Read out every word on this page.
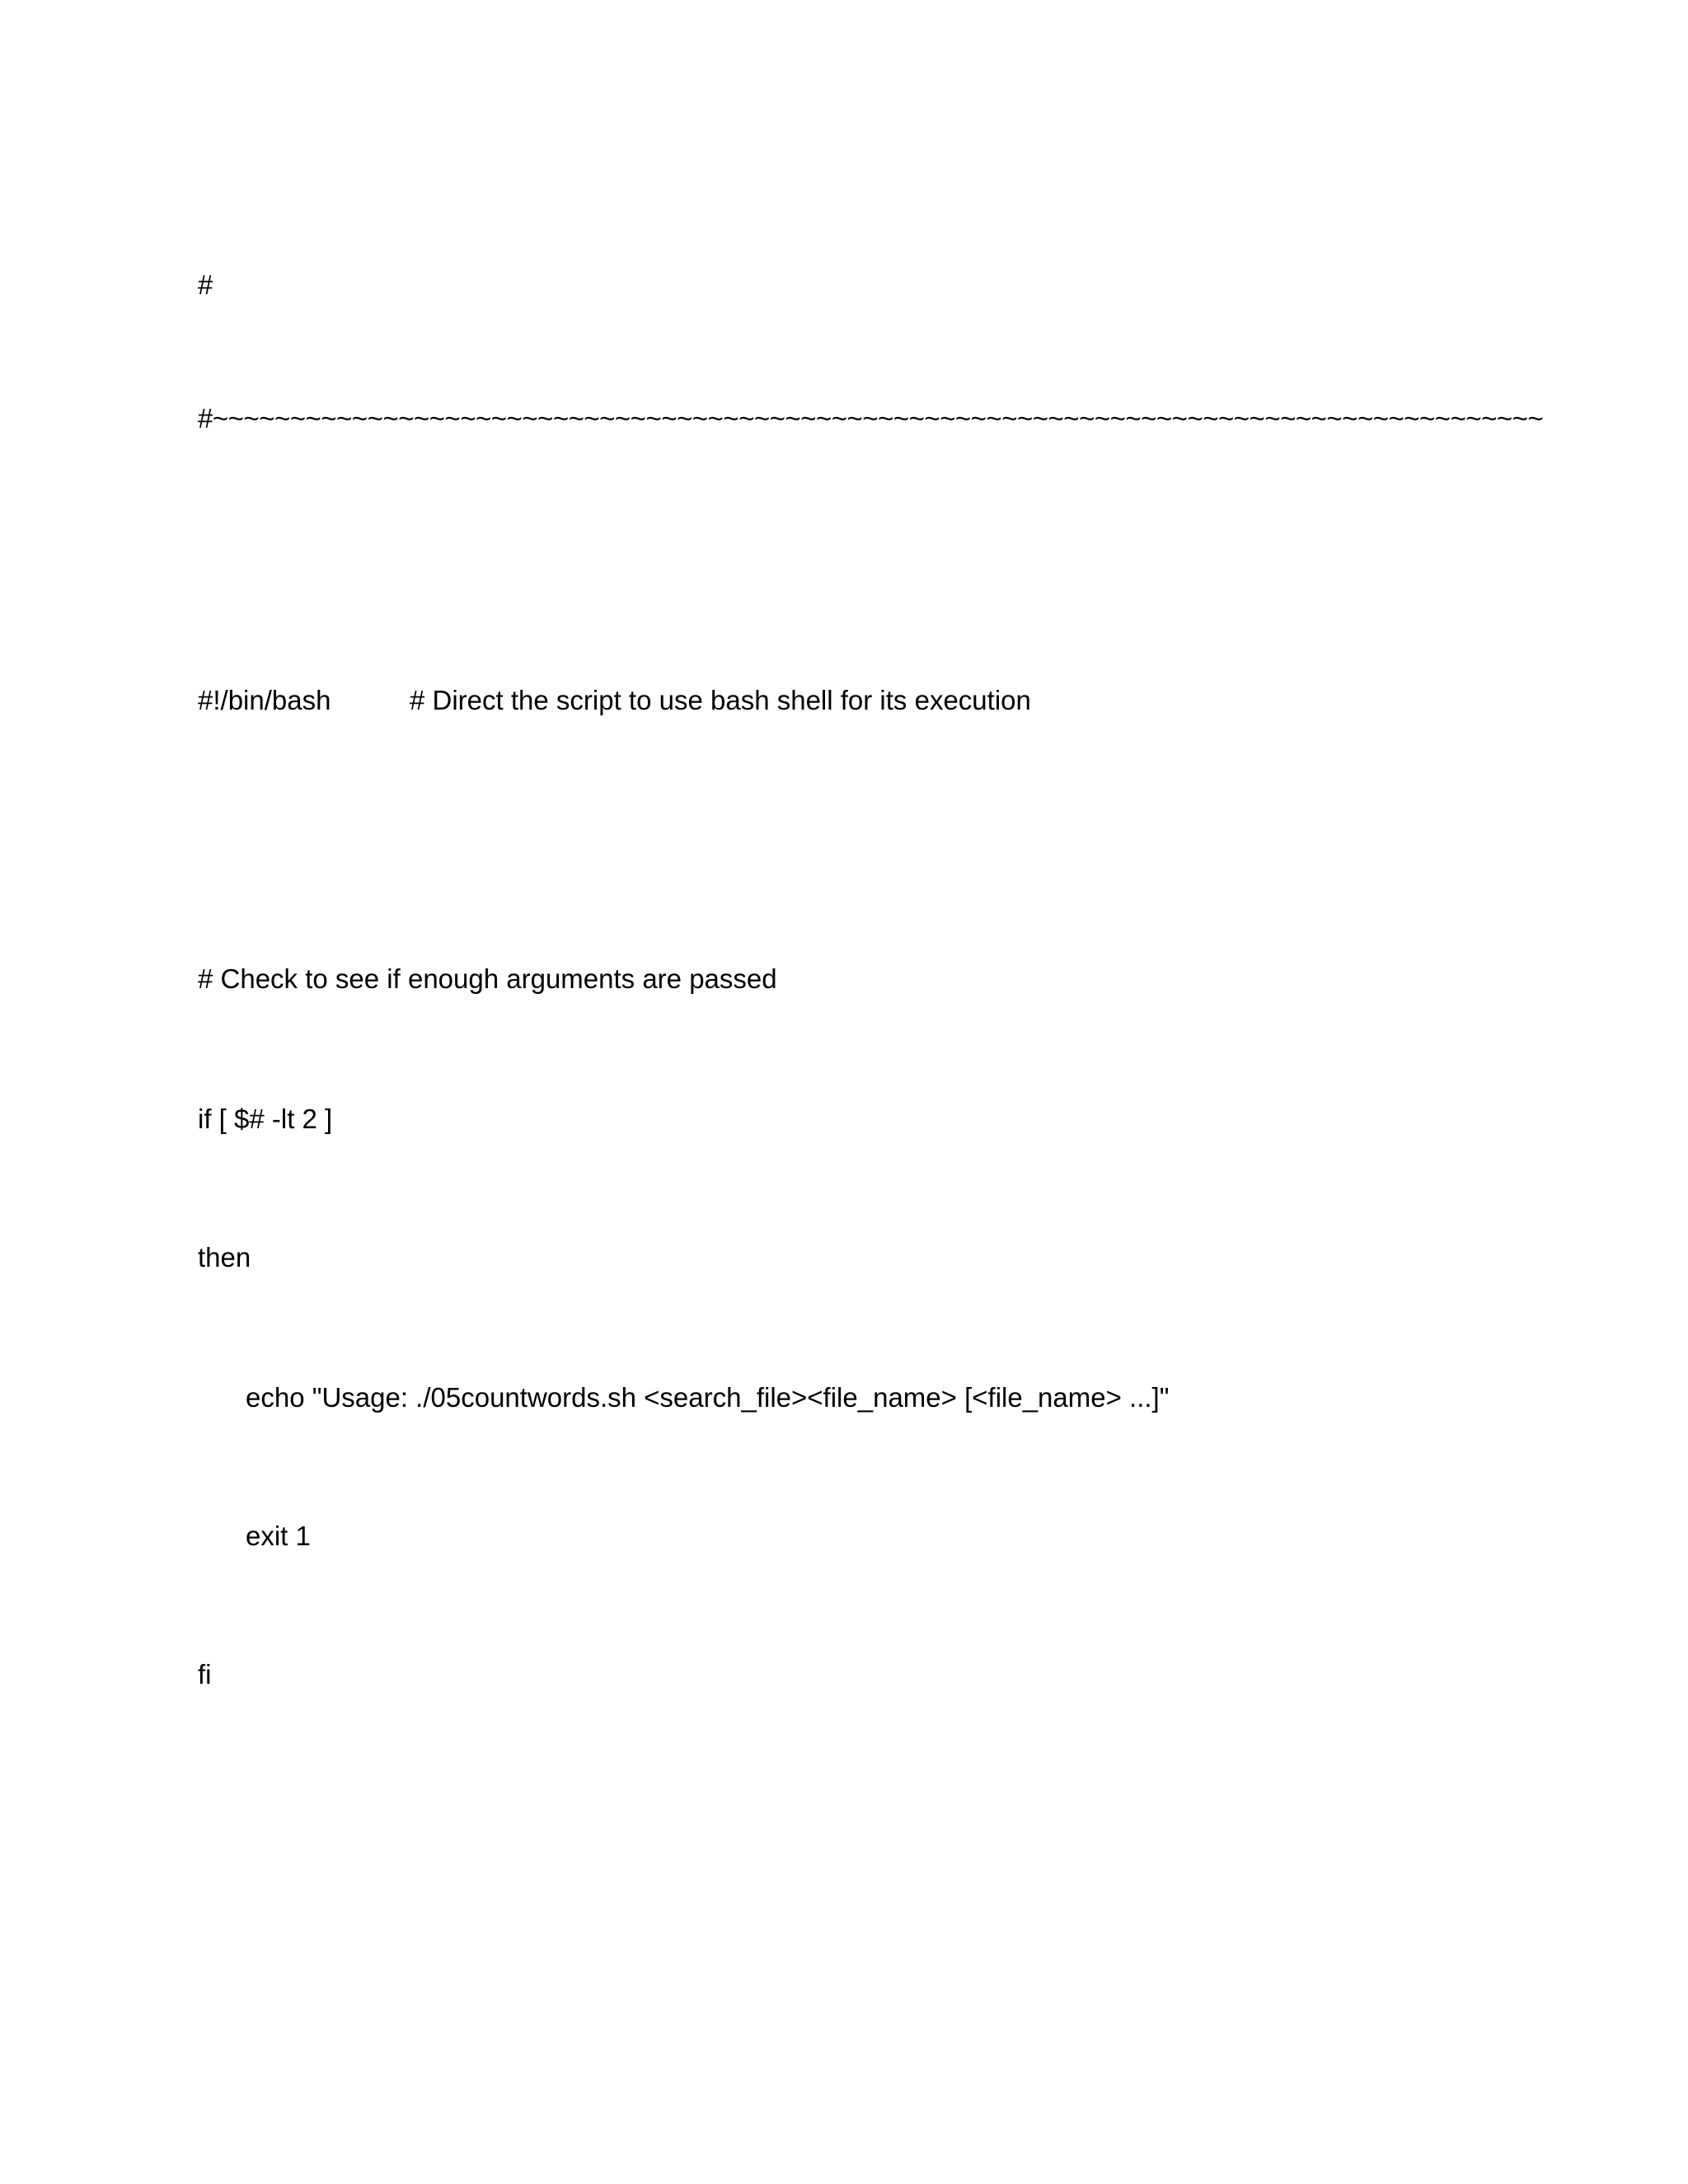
#
#~~~~~~~~~~~~~~~~~~~~~~~~~~~~~~~~~~~~~~~~~~~~~~~~~~~~~~~~~~~~~~~~~~~~~~~~~~~~~~~~~~~~~~
#!/bin/bash	# Direct the script to use bash shell for its execution
# Check to see if enough arguments are passed
if [ $# -lt 2 ]
then
echo "Usage: ./05countwords.sh <search_file><file_name> [<file_name> ...]"
exit 1
fi
